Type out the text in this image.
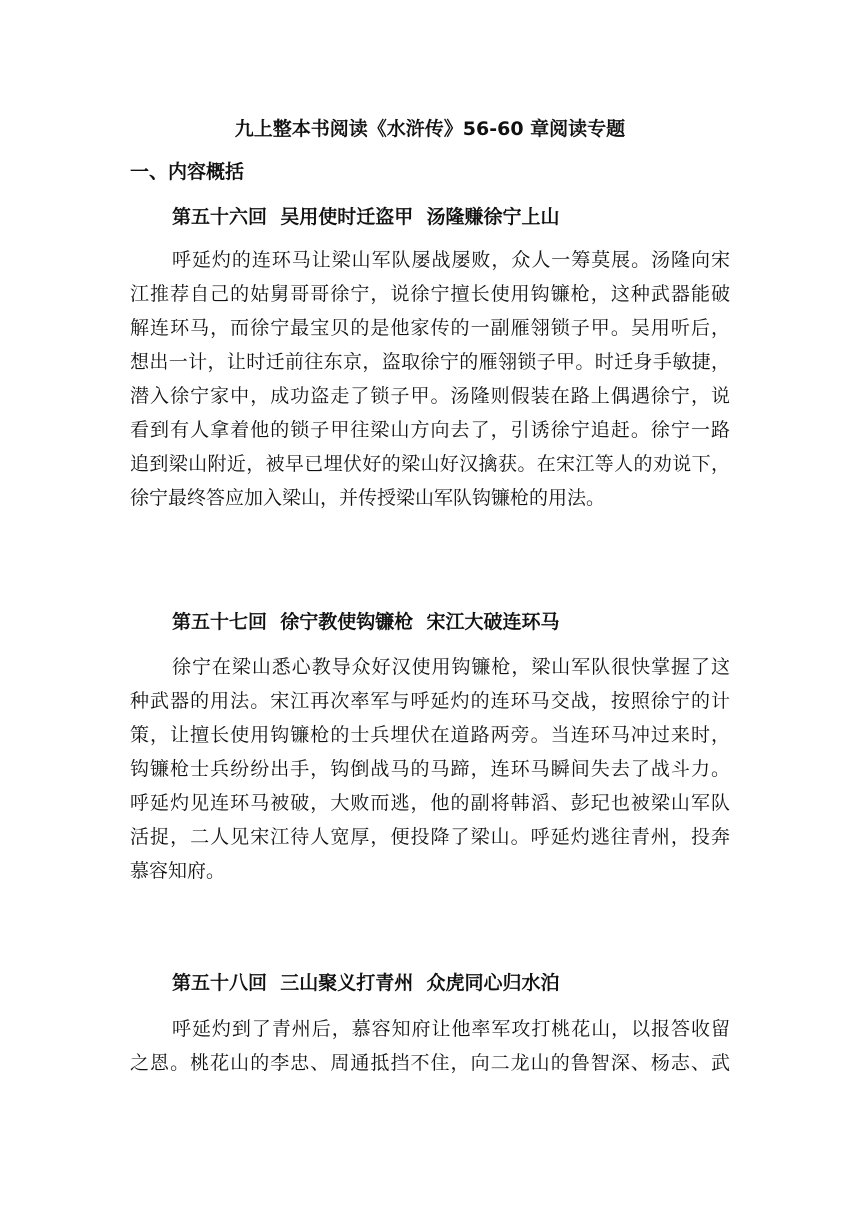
九上整本书阅读《水浒传》56-60 章阅读专题
一、内容概括
第五十六回  吴用使时迁盗甲  汤隆赚徐宁上山
呼延灼的连环马让梁山军队屡战屡败，众人一筹莫展。汤隆向宋
江推荐自己的姑舅哥哥徐宁，说徐宁擅长使用钩镰枪，这种武器能破
解连环马，而徐宁最宝贝的是他家传的一副雁翎锁子甲。吴用听后，
想出一计，让时迁前往东京，盗取徐宁的雁翎锁子甲。时迁身手敏捷，
潜入徐宁家中，成功盗走了锁子甲。汤隆则假装在路上偶遇徐宁，说
看到有人拿着他的锁子甲往梁山方向去了，引诱徐宁追赶。徐宁一路
追到梁山附近，被早已埋伏好的梁山好汉擒获。在宋江等人的劝说下，
徐宁最终答应加入梁山，并传授梁山军队钩镰枪的用法。
第五十七回  徐宁教使钩镰枪  宋江大破连环马
徐宁在梁山悉心教导众好汉使用钩镰枪，梁山军队很快掌握了这
种武器的用法。宋江再次率军与呼延灼的连环马交战，按照徐宁的计
策，让擅长使用钩镰枪的士兵埋伏在道路两旁。当连环马冲过来时，
钩镰枪士兵纷纷出手，钩倒战马的马蹄，连环马瞬间失去了战斗力。
呼延灼见连环马被破，大败而逃，他的副将韩滔、彭玘也被梁山军队
活捉，二人见宋江待人宽厚，便投降了梁山。呼延灼逃往青州，投奔
慕容知府。
第五十八回  三山聚义打青州  众虎同心归水泊
呼延灼到了青州后，慕容知府让他率军攻打桃花山，以报答收留
之恩。桃花山的李忠、周通抵挡不住，向二龙山的鲁智深、杨志、武
